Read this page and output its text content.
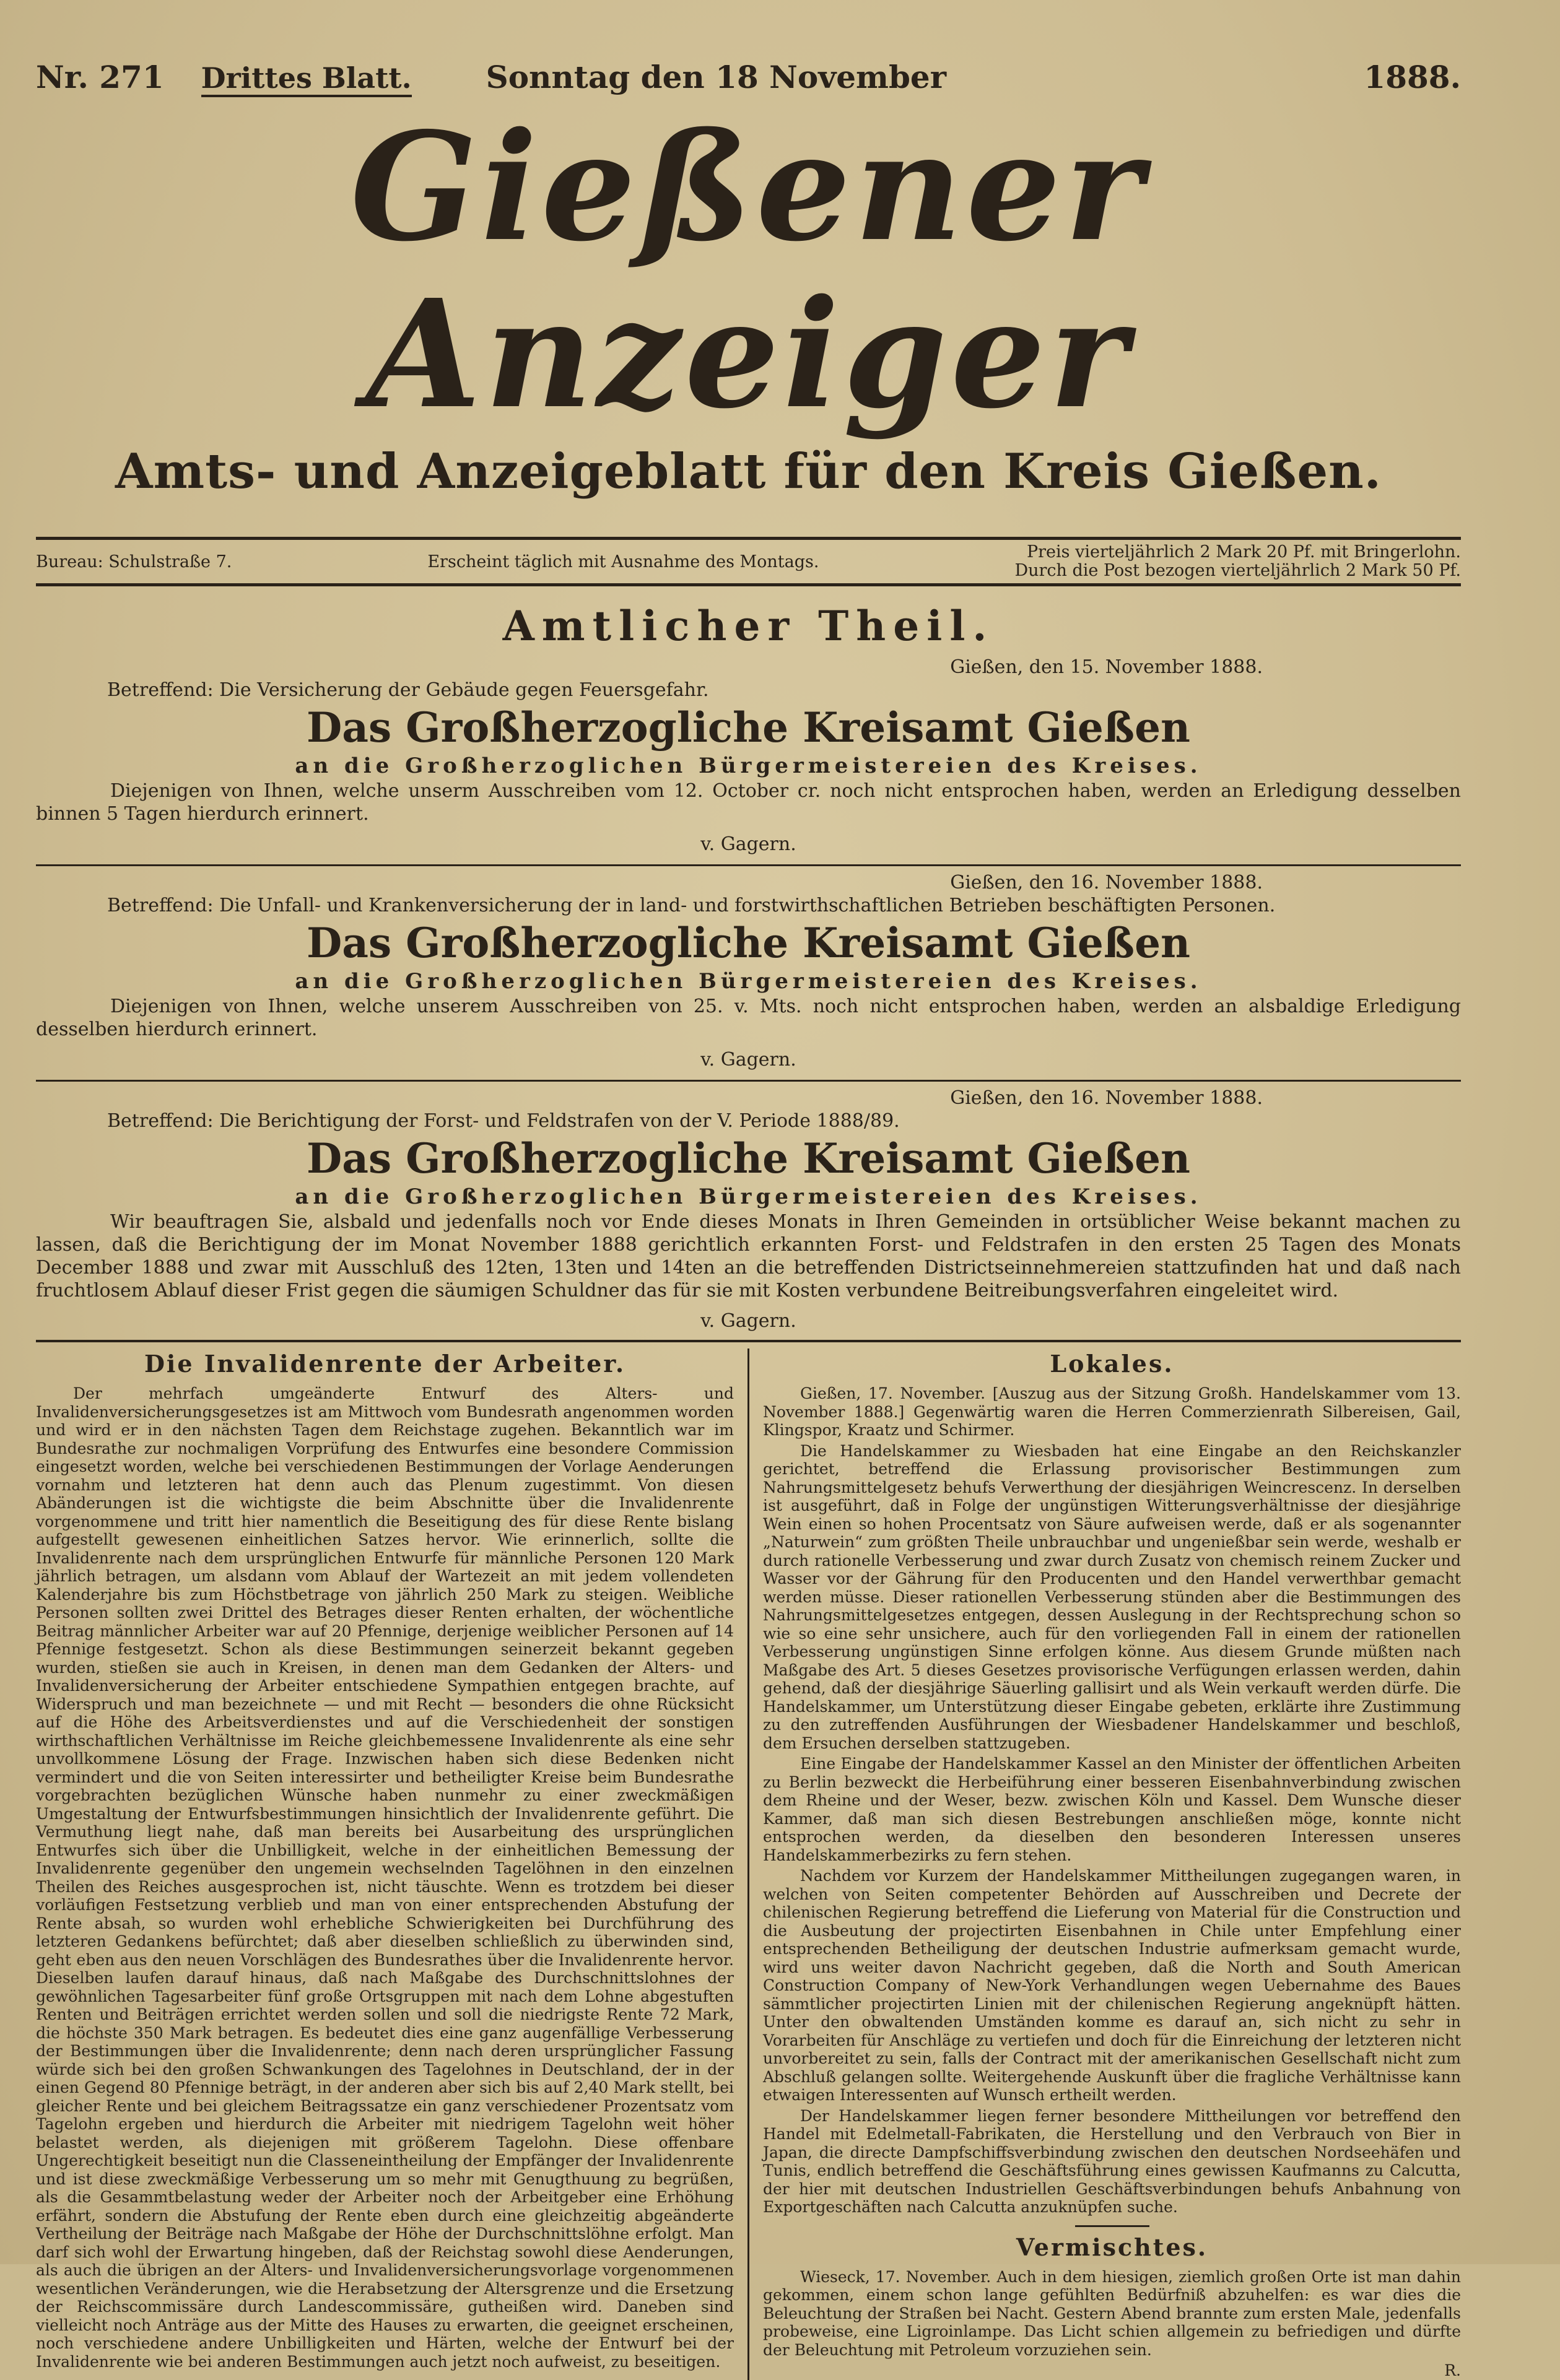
Nr. 271 Drittes Blatt. Sonntag den 18 November	1888.
Gießener Anzeiger
Amts- und Anzeigeblatt für den Kreis Gießen.
Bureau: Schulstraße 7.	Erscheint täglich mit Ausnahme des Montags.	Preis vierteljährlich 2 Mark 20 Pf. mit Bringerlohn.
Durch die Post bezogen vierteljährlich 2 Mark 50 Pf.
Amtlicher Theil.
Gießen, den 15. November 1888.
Betreffend: Die Versicherung der Gebäude gegen Feuersgefahr.
Das Großherzogliche Kreisamt Gießen
an die Großherzoglichen Bürgermeistereien des Kreises.
Diejenigen von Ihnen, welche unserm Ausschreiben vom 12. October cr. noch nicht entsprochen haben, werden an Erledigung desselben binnen 5 Tagen hierdurch erinnert.
v. Gagern.
Gießen, den 16. November 1888.
Betreffend: Die Unfall- und Krankenversicherung der in land- und forstwirthschaftlichen Betrieben beschäftigten Personen.
Das Großherzogliche Kreisamt Gießen
an die Großherzoglichen Bürgermeistereien des Kreises.
Diejenigen von Ihnen, welche unserem Ausschreiben von 25. v. Mts. noch nicht entsprochen haben, werden an alsbaldige Erledigung desselben hierdurch erinnert.
v. Gagern.
Gießen, den 16. November 1888.
Betreffend: Die Berichtigung der Forst- und Feldstrafen von der V. Periode 1888/89.
Das Großherzogliche Kreisamt Gießen
an die Großherzoglichen Bürgermeistereien des Kreises.
Wir beauftragen Sie, alsbald und jedenfalls noch vor Ende dieses Monats in Ihren Gemeinden in ortsüblicher Weise bekannt machen zu lassen, daß die Berichtigung der im Monat November 1888 gerichtlich erkannten Forst- und Feldstrafen in den ersten 25 Tagen des Monats December 1888 und zwar mit Ausschluß des 12ten, 13ten und 14ten an die betreffenden Districtseinnehmereien stattzufinden hat und daß nach fruchtlosem Ablauf dieser Frist gegen die säumigen Schuldner das für sie mit Kosten verbundene Beitreibungsverfahren eingeleitet wird.
v. Gagern.
Die Invalidenrente der Arbeiter.

Der mehrfach umgeänderte Entwurf des Alters- und Invalidenversicherungsgesetzes ist am Mittwoch vom Bundesrath angenommen worden und wird er in den nächsten Tagen dem Reichstage zugehen. Bekanntlich war im Bundesrathe zur nochmaligen Vorprüfung des Entwurfes eine besondere Commission eingesetzt worden, welche bei verschiedenen Bestimmungen der Vorlage Aenderungen vornahm und letzteren hat denn auch das Plenum zugestimmt. Von diesen Abänderungen ist die wichtigste die beim Abschnitte über die Invalidenrente vorgenommene und tritt hier namentlich die Beseitigung des für diese Rente bislang aufgestellt gewesenen einheitlichen Satzes hervor. Wie erinnerlich, sollte die Invalidenrente nach dem ursprünglichen Entwurfe für männliche Personen 120 Mark jährlich betragen, um alsdann vom Ablauf der Wartezeit an mit jedem vollendeten Kalenderjahre bis zum Höchstbetrage von jährlich 250 Mark zu steigen. Weibliche Personen sollten zwei Drittel des Betrages dieser Renten erhalten, der wöchentliche Beitrag männlicher Arbeiter war auf 20 Pfennige, derjenige weiblicher Personen auf 14 Pfennige festgesetzt. Schon als diese Bestimmungen seinerzeit bekannt gegeben wurden, stießen sie auch in Kreisen, in denen man dem Gedanken der Alters- und Invalidenversicherung der Arbeiter entschiedene Sympathien entgegen brachte, auf Widerspruch und man bezeichnete — und mit Recht — besonders die ohne Rücksicht auf die Höhe des Arbeitsverdienstes und auf die Verschiedenheit der sonstigen wirthschaftlichen Verhältnisse im Reiche gleichbemessene Invalidenrente als eine sehr unvollkommene Lösung der Frage. Inzwischen haben sich diese Bedenken nicht vermindert und die von Seiten interessirter und betheiligter Kreise beim Bundesrathe vorgebrachten bezüglichen Wünsche haben nunmehr zu einer zweckmäßigen Umgestaltung der Entwurfsbestimmungen hinsichtlich der Invalidenrente geführt. Die Vermuthung liegt nahe, daß man bereits bei Ausarbeitung des ursprünglichen Entwurfes sich über die Unbilligkeit, welche in der einheitlichen Bemessung der Invalidenrente gegenüber den ungemein wechselnden Tagelöhnen in den einzelnen Theilen des Reiches ausgesprochen ist, nicht täuschte. Wenn es trotzdem bei dieser vorläufigen Festsetzung verblieb und man von einer entsprechenden Abstufung der Rente absah, so wurden wohl erhebliche Schwierigkeiten bei Durchführung des letzteren Gedankens befürchtet; daß aber dieselben schließlich zu überwinden sind, geht eben aus den neuen Vorschlägen des Bundesrathes über die Invalidenrente hervor. Dieselben laufen darauf hinaus, daß nach Maßgabe des Durchschnittslohnes der gewöhnlichen Tagesarbeiter fünf große Ortsgruppen mit nach dem Lohne abgestuften Renten und Beiträgen errichtet werden sollen und soll die niedrigste Rente 72 Mark, die höchste 350 Mark betragen. Es bedeutet dies eine ganz augenfällige Verbesserung der Bestimmungen über die Invalidenrente; denn nach deren ursprünglicher Fassung würde sich bei den großen Schwankungen des Tagelohnes in Deutschland, der in der einen Gegend 80 Pfennige beträgt, in der anderen aber sich bis auf 2,40 Mark stellt, bei gleicher Rente und bei gleichem Beitragssatze ein ganz verschiedener Prozentsatz vom Tagelohn ergeben und hierdurch die Arbeiter mit niedrigem Tagelohn weit höher belastet werden, als diejenigen mit größerem Tagelohn. Diese offenbare Ungerechtigkeit beseitigt nun die Classeneintheilung der Empfänger der Invalidenrente und ist diese zweckmäßige Verbesserung um so mehr mit Genugthuung zu begrüßen, als die Gesammtbelastung weder der Arbeiter noch der Arbeitgeber eine Erhöhung erfährt, sondern die Abstufung der Rente eben durch eine gleichzeitig abgeänderte Vertheilung der Beiträge nach Maßgabe der Höhe der Durchschnittslöhne erfolgt. Man darf sich wohl der Erwartung hingeben, daß der Reichstag sowohl diese Aenderungen, als auch die übrigen an der Alters- und Invalidenversicherungsvorlage vorgenommenen wesentlichen Veränderungen, wie die Herabsetzung der Altersgrenze und die Ersetzung der Reichscommissäre durch Landescommissäre, gutheißen wird. Daneben sind vielleicht noch Anträge aus der Mitte des Hauses zu erwarten, die geeignet erscheinen, noch verschiedene andere Unbilligkeiten und Härten, welche der Entwurf bei der Invalidenrente wie bei anderen Bestimmungen auch jetzt noch aufweist, zu beseitigen.

Lokales.

Gießen, 17. November. [Auszug aus der Sitzung Großh. Handelskammer vom 13. November 1888.] Gegenwärtig waren die Herren Commerzienrath Silbereisen, Gail, Klingspor, Kraatz und Schirmer.

Die Handelskammer zu Wiesbaden hat eine Eingabe an den Reichskanzler gerichtet, betreffend die Erlassung provisorischer Bestimmungen zum Nahrungsmittelgesetz behufs Verwerthung der diesjährigen Weincrescenz. In derselben ist ausgeführt, daß in Folge der ungünstigen Witterungsverhältnisse der diesjährige Wein einen so hohen Procentsatz von Säure aufweisen werde, daß er als sogenannter „Naturwein“ zum größten Theile unbrauchbar und ungenießbar sein werde, weshalb er durch rationelle Verbesserung und zwar durch Zusatz von chemisch reinem Zucker und Wasser vor der Gährung für den Producenten und den Handel verwerthbar gemacht werden müsse. Dieser rationellen Verbesserung stünden aber die Bestimmungen des Nahrungsmittelgesetzes entgegen, dessen Auslegung in der Rechtsprechung schon so wie so eine sehr unsichere, auch für den vorliegenden Fall in einem der rationellen Verbesserung ungünstigen Sinne erfolgen könne. Aus diesem Grunde müßten nach Maßgabe des Art. 5 dieses Gesetzes provisorische Verfügungen erlassen werden, dahin gehend, daß der diesjährige Säuerling gallisirt und als Wein verkauft werden dürfe. Die Handelskammer, um Unterstützung dieser Eingabe gebeten, erklärte ihre Zustimmung zu den zutreffenden Ausführungen der Wiesbadener Handelskammer und beschloß, dem Ersuchen derselben stattzugeben.

Eine Eingabe der Handelskammer Kassel an den Minister der öffentlichen Arbeiten zu Berlin bezweckt die Herbeiführung einer besseren Eisenbahnverbindung zwischen dem Rheine und der Weser, bezw. zwischen Köln und Kassel. Dem Wunsche dieser Kammer, daß man sich diesen Bestrebungen anschließen möge, konnte nicht entsprochen werden, da dieselben den besonderen Interessen unseres Handelskammerbezirks zu fern stehen.

Nachdem vor Kurzem der Handelskammer Mittheilungen zugegangen waren, in welchen von Seiten competenter Behörden auf Ausschreiben und Decrete der chilenischen Regierung betreffend die Lieferung von Material für die Construction und die Ausbeutung der projectirten Eisenbahnen in Chile unter Empfehlung einer entsprechenden Betheiligung der deutschen Industrie aufmerksam gemacht wurde, wird uns weiter davon Nachricht gegeben, daß die North and South American Construction Company of New-York Verhandlungen wegen Uebernahme des Baues sämmtlicher projectirten Linien mit der chilenischen Regierung angeknüpft hätten. Unter den obwaltenden Umständen komme es darauf an, sich nicht zu sehr in Vorarbeiten für Anschläge zu vertiefen und doch für die Einreichung der letzteren nicht unvorbereitet zu sein, falls der Contract mit der amerikanischen Gesellschaft nicht zum Abschluß gelangen sollte. Weitergehende Auskunft über die fragliche Verhältnisse kann etwaigen Interessenten auf Wunsch ertheilt werden.

Der Handelskammer liegen ferner besondere Mittheilungen vor betreffend den Handel mit Edelmetall-Fabrikaten, die Herstellung und den Verbrauch von Bier in Japan, die directe Dampfschiffsverbindung zwischen den deutschen Nordseehäfen und Tunis, endlich betreffend die Geschäftsführung eines gewissen Kaufmanns zu Calcutta, der hier mit deutschen Industriellen Geschäftsverbindungen behufs Anbahnung von Exportgeschäften nach Calcutta anzuknüpfen suche.

Vermischtes.

Wieseck, 17. November. Auch in dem hiesigen, ziemlich großen Orte ist man dahin gekommen, einem schon lange gefühlten Bedürfniß abzuhelfen: es war dies die Beleuchtung der Straßen bei Nacht. Gestern Abend brannte zum ersten Male, jedenfalls probeweise, eine Ligroinlampe. Das Licht schien allgemein zu befriedigen und dürfte der Beleuchtung mit Petroleum vorzuziehen sein.

R.
